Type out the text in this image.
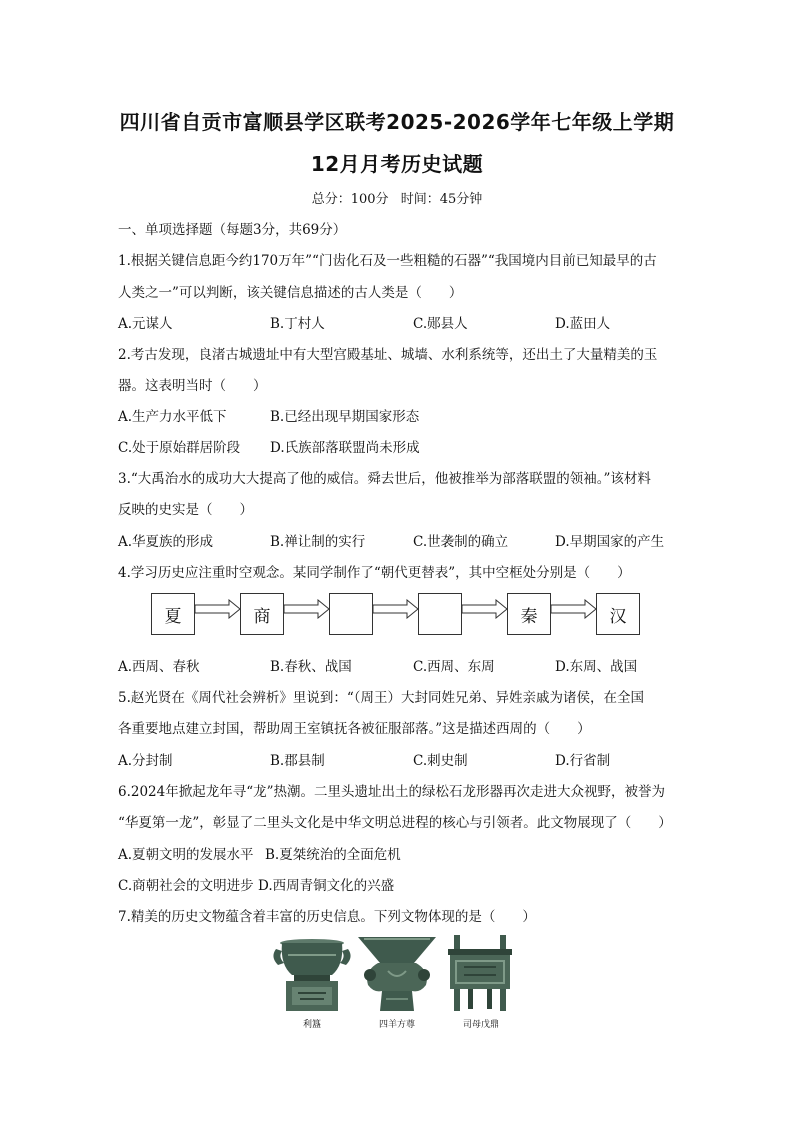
四川省自贡市富顺县学区联考2025-2026学年七年级上学期
12月月考历史试题
总分：100分 时间：45分钟
一、单项选择题（每题3分，共69分）
1.根据关键信息距今约170万年”“门齿化石及一些粗糙的石器”“我国境内目前已知最早的古
人类之一”可以判断，该关键信息描述的古人类是（　　）
A.元谋人	B.丁村人	C.郧县人	D.蓝田人
2.考古发现，良渚古城遗址中有大型宫殿基址、城墙、水利系统等，还出土了大量精美的玉
器。这表明当时（　　）
A.生产力水平低下	B.已经出现早期国家形态
C.处于原始群居阶段 D.氏族部落联盟尚未形成
3.“大禹治水的成功大大提高了他的威信。舜去世后，他被推举为部落联盟的领袖。”该材料
反映的史实是（　　）
A.华夏族的形成	B.禅让制的实行	C.世袭制的确立	D.早期国家的产生
4.学习历史应注重时空观念。某同学制作了“朝代更替表”，其中空框处分别是（　　）
夏	商	秦	汉
A.西周、春秋	B.春秋、战国	C.西周、东周	D.东周、战国
5.赵光贤在《周代社会辨析》里说到：“（周王）大封同姓兄弟、异姓亲戚为诸侯，在全国
各重要地点建立封国，帮助周王室镇抚各被征服部落。”这是描述西周的（　　）
A.分封制	B.郡县制	C.刺史制	D.行省制
6.2024年掀起龙年寻“龙”热潮。二里头遗址出土的绿松石龙形器再次走进大众视野，被誉为
“华夏第一龙”，彰显了二里头文化是中华文明总进程的核心与引领者。此文物展现了（　　）
A.夏朝文明的发展水平 B.夏桀统治的全面危机
C.商朝社会的文明进步 D.西周青铜文化的兴盛
7.精美的历史文物蕴含着丰富的历史信息。下列文物体现的是（　　）
利簋	四羊方尊	司母戊鼎
